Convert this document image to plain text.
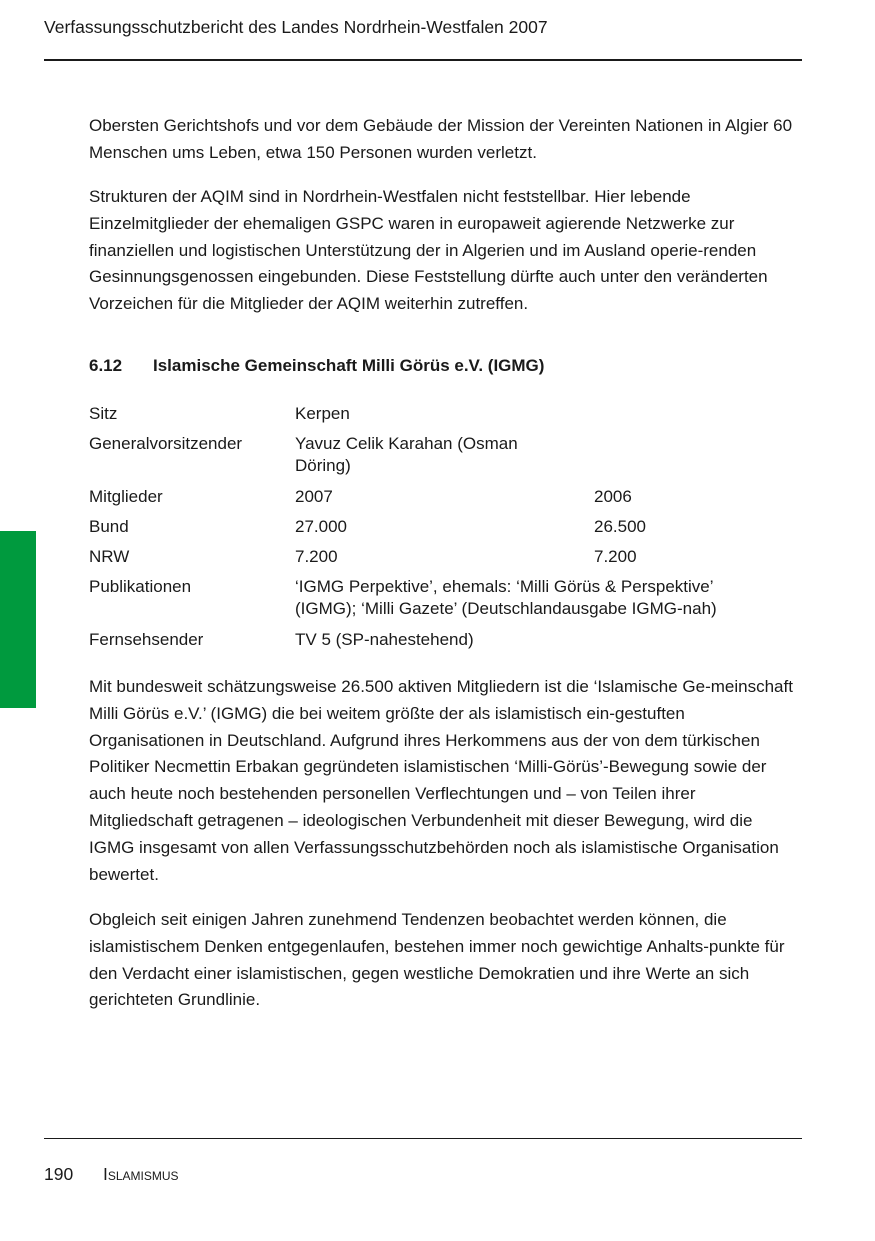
Verfassungsschutzbericht des Landes Nordrhein-Westfalen 2007

Obersten Gerichtshofs und vor dem Gebäude der Mission der Vereinten Nationen in Algier 60 Menschen ums Leben, etwa 150 Personen wurden verletzt.

Strukturen der AQIM sind in Nordrhein-Westfalen nicht feststellbar. Hier lebende Einzelmitglieder der ehemaligen GSPC waren in europaweit agierende Netzwerke zur finanziellen und logistischen Unterstützung der in Algerien und im Ausland operie-renden Gesinnungsgenossen eingebunden. Diese Feststellung dürfte auch unter den veränderten Vorzeichen für die Mitglieder der AQIM weiterhin zutreffen.

6.12 Islamische Gemeinschaft Milli Görüs e.V. (IGMG)
Sitz	Kerpen
Generalvorsitzender	Yavuz Celik Karahan (Osman Döring)
Mitglieder	2007	2006
Bund	27.000	26.500
NRW	7.200	7.200
Publikationen	‘IGMG Perpektive’, ehemals: ‘Milli Görüs & Perspektive’ (IGMG); ‘Milli Gazete’ (Deutschlandausgabe IGMG-nah)
Fernsehsender	TV 5 (SP-nahestehend)

Mit bundesweit schätzungsweise 26.500 aktiven Mitgliedern ist die ‘Islamische Ge-meinschaft Milli Görüs e.V.’ (IGMG) die bei weitem größte der als islamistisch ein-gestuften Organisationen in Deutschland. Aufgrund ihres Herkommens aus der von dem türkischen Politiker Necmettin Erbakan gegründeten islamistischen ‘Milli-Görüs’-Bewegung sowie der auch heute noch bestehenden personellen Verflechtungen und – von Teilen ihrer Mitgliedschaft getragenen – ideologischen Verbundenheit mit dieser Bewegung, wird die IGMG insgesamt von allen Verfassungsschutzbehörden noch als islamistische Organisation bewertet.

Obgleich seit einigen Jahren zunehmend Tendenzen beobachtet werden können, die islamistischem Denken entgegenlaufen, bestehen immer noch gewichtige Anhalts-punkte für den Verdacht einer islamistischen, gegen westliche Demokratien und ihre Werte an sich gerichteten Grundlinie.

190 Islamismus
